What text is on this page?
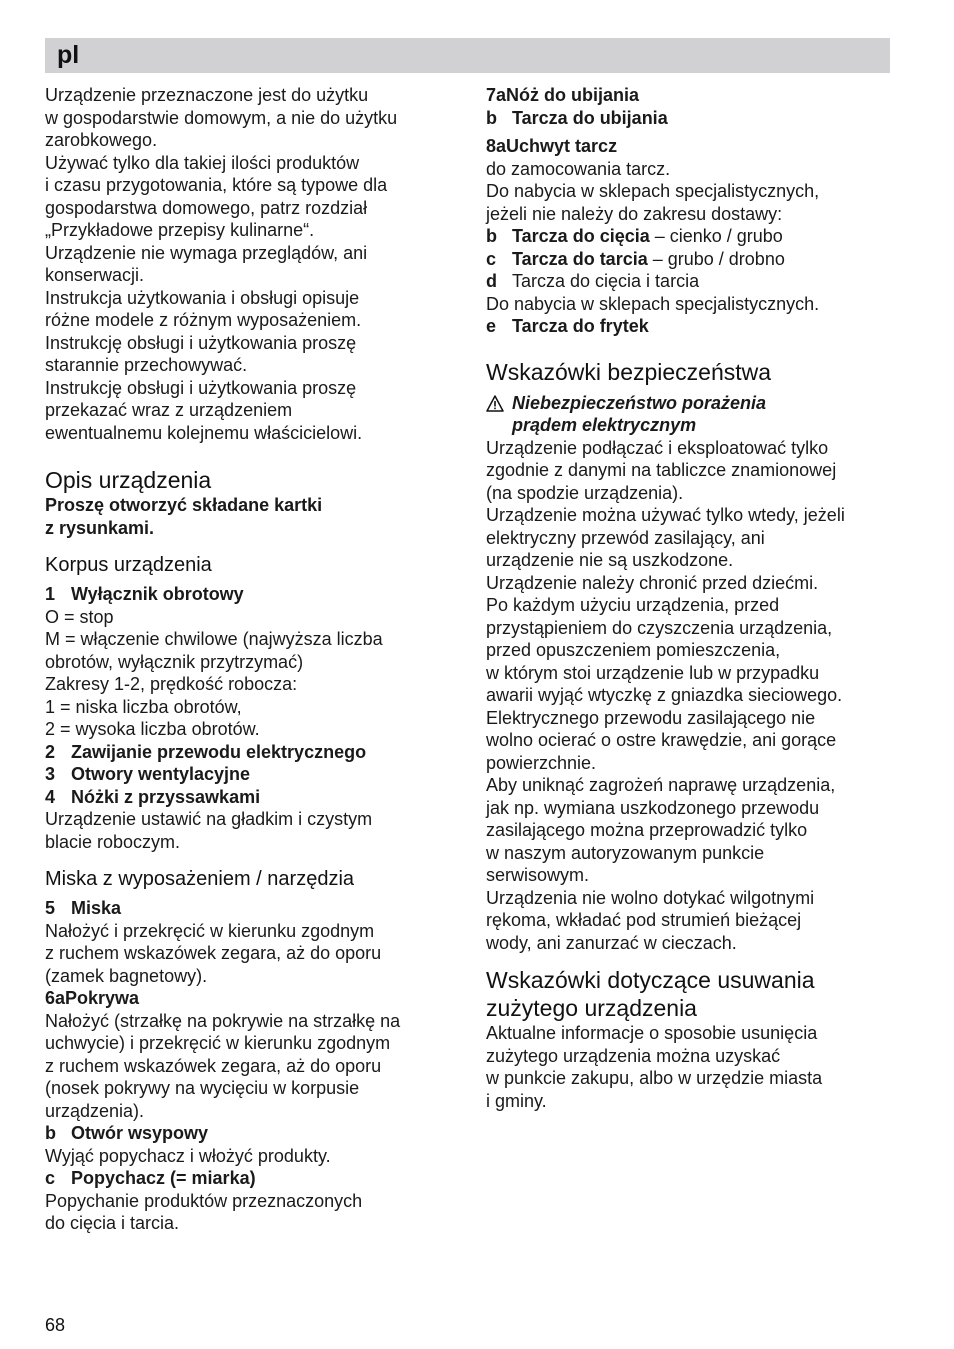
pl

Urządzenie przeznaczone jest do użytku

w gospodarstwie domowym, a nie do użytku

zarobkowego.

Używać tylko dla takiej ilości produktów

i czasu przygotowania, które są typowe dla

gospodarstwa domowego, patrz rozdział

„Przykładowe przepisy kulinarne“.

Urządzenie nie wymaga przeglądów, ani

konserwacji.

Instrukcja użytkowania i obsługi opisuje

różne modele z różnym wyposażeniem.

Instrukcję obsługi i użytkowania proszę

starannie przechowywać.

Instrukcję obsługi i użytkowania proszę

przekazać wraz z urządzeniem

ewentualnemu kolejnemu właścicielowi.

Opis urządzenia

Proszę otworzyć składane kartki

z rysunkami.

Korpus urządzenia
1 Wyłącznik obrotowy

O = stop

M = włączenie chwilowe (najwyższa liczba

obrotów, wyłącznik przytrzymać)

Zakresy 1-2, prędkość robocza:

1 = niska liczba obrotów,

2 = wysoka liczba obrotów.

2 Zawijanie przewodu elektrycznego
3 Otwory wentylacyjne
4 Nóżki z przyssawkami

Urządzenie ustawić na gładkim i czystym

blacie roboczym.

Miska z wyposażeniem / narzędzia
5 Miska

Nałożyć i przekręcić w kierunku zgodnym

z ruchem wskazówek zegara, aż do oporu

(zamek bagnetowy).

6a Pokrywa

Nałożyć (strzałkę na pokrywie na strzałkę na

uchwycie) i przekręcić w kierunku zgodnym

z ruchem wskazówek zegara, aż do oporu

(nosek pokrywy na wycięciu w korpusie

urządzenia).

b Otwór wsypowy

Wyjąć popychacz i włożyć produkty.

c Popychacz (= miarka)

Popychanie produktów przeznaczonych

do cięcia i tarcia.

7a Nóż do ubijania
b Tarcza do ubijania
8a Uchwyt tarcz

do zamocowania tarcz.

Do nabycia w sklepach specjalistycznych,

jeżeli nie należy do zakresu dostawy:

b Tarcza do cięcia – cienko / grubo
c Tarcza do tarcia – grubo / drobno
d Tarcza do cięcia i tarcia

Do nabycia w sklepach specjalistycznych.

e Tarcza do frytek
Wskazówki bezpieczeństwa
Niebezpieczeństwo porażenia
prądem elektrycznym

Urządzenie podłączać i eksploatować tylko

zgodnie z danymi na tabliczce znamionowej

(na spodzie urządzenia).

Urządzenie można używać tylko wtedy, jeżeli

elektryczny przewód zasilający, ani

urządzenie nie są uszkodzone.

Urządzenie należy chronić przed dziećmi.

Po każdym użyciu urządzenia, przed

przystąpieniem do czyszczenia urządzenia,

przed opuszczeniem pomieszczenia,

w którym stoi urządzenie lub w przypadku

awarii wyjąć wtyczkę z gniazdka sieciowego.

Elektrycznego przewodu zasilającego nie

wolno ocierać o ostre krawędzie, ani gorące

powierzchnie.

Aby uniknąć zagrożeń naprawę urządzenia,

jak np. wymiana uszkodzonego przewodu

zasilającego można przeprowadzić tylko

w naszym autoryzowanym punkcie

serwisowym.

Urządzenia nie wolno dotykać wilgotnymi

rękoma, wkładać pod strumień bieżącej

wody, ani zanurzać w cieczach.

Wskazówki dotyczące usuwania
zużytego urządzenia

Aktualne informacje o sposobie usunięcia

zużytego urządzenia można uzyskać

w punkcie zakupu, albo w urzędzie miasta

i gminy.

68
